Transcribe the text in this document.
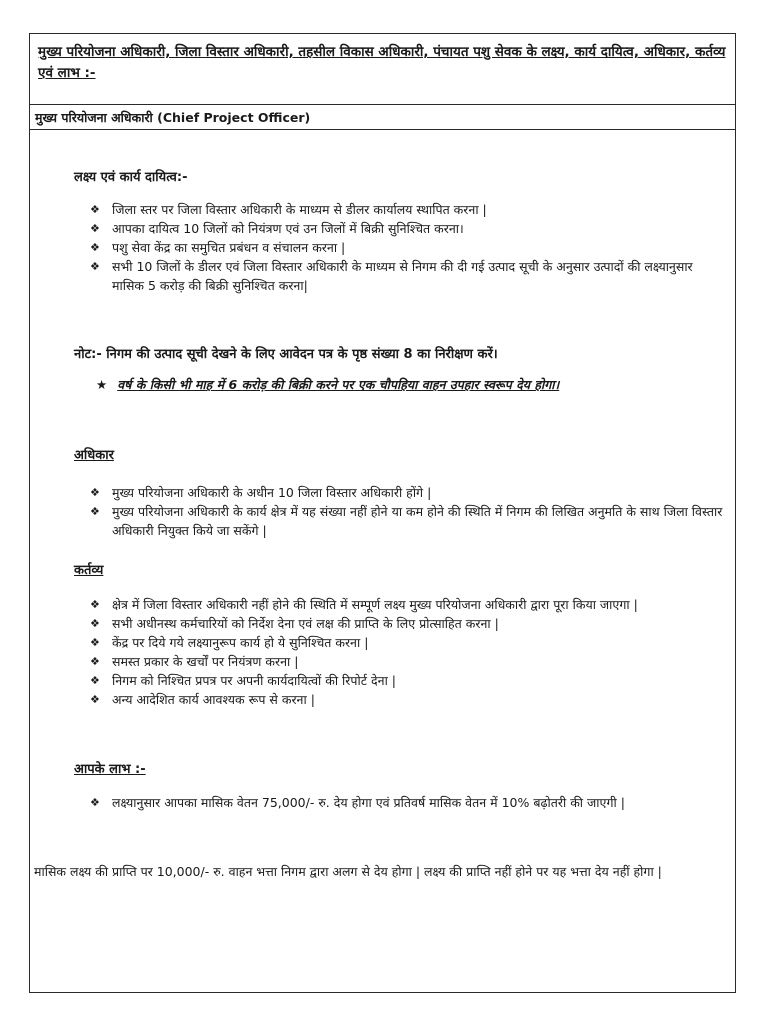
मुख्य परियोजना अधिकारी, जिला विस्तार अधिकारी, तहसील विकास अधिकारी, पंचायत पशु सेवक के लक्ष्य, कार्य दायित्व, अधिकार, कर्तव्य एवं लाभ :-
मुख्य परियोजना अधिकारी (Chief Project Officer)
लक्ष्य एवं कार्य दायित्व:-
❖ जिला स्तर पर जिला विस्तार अधिकारी के माध्यम से डीलर कार्यालय स्थापित करना |
❖ आपका दायित्व 10 जिलों को नियंत्रण एवं उन जिलों में बिक्री सुनिश्चित करना।
❖ पशु सेवा केंद्र का समुचित प्रबंधन व संचालन करना |
❖ सभी 10 जिलों के डीलर एवं जिला विस्तार अधिकारी के माध्यम से निगम की दी गई उत्पाद सूची के अनुसार उत्पादों की लक्ष्यानुसार मासिक 5 करोड़ की बिक्री सुनिश्चित करना|
नोट:- निगम की उत्पाद सूची देखने के लिए आवेदन पत्र के पृष्ठ संख्या 8 का निरीक्षण करें।
★ वर्ष के किसी भी माह में 6 करोड़ की बिक्री करने पर एक चौपहिया वाहन उपहार स्वरूप देय होगा।
अधिकार
❖ मुख्य परियोजना अधिकारी के अधीन 10 जिला विस्तार अधिकारी होंगे |
❖ मुख्य परियोजना अधिकारी के कार्य क्षेत्र में यह संख्या नहीं होने या कम होने की स्थिति में निगम की लिखित अनुमति के साथ जिला विस्तार अधिकारी नियुक्त किये जा सकेंगे |
कर्तव्य
❖ क्षेत्र में जिला विस्तार अधिकारी नहीं होने की स्थिति में सम्पूर्ण लक्ष्य मुख्य परियोजना अधिकारी द्वारा पूरा किया जाएगा |
❖ सभी अधीनस्थ कर्मचारियों को निर्देश देना एवं लक्ष की प्राप्ति के लिए प्रोत्साहित करना |
❖ केंद्र पर दिये गये लक्ष्यानुरूप कार्य हो ये सुनिश्चित करना |
❖ समस्त प्रकार के खर्चों पर नियंत्रण करना |
❖ निगम को निश्चित प्रपत्र पर अपनी कार्यदायित्वों की रिपोर्ट देना |
❖ अन्य आदेशित कार्य आवश्यक रूप से करना |
आपके लाभ :-
❖ लक्ष्यानुसार आपका मासिक वेतन 75,000/- रु. देय होगा एवं प्रतिवर्ष मासिक वेतन में 10% बढ़ोतरी की जाएगी |
मासिक लक्ष्य की प्राप्ति पर 10,000/- रु. वाहन भत्ता निगम द्वारा अलग से देय होगा | लक्ष्य की प्राप्ति नहीं होने पर यह भत्ता देय नहीं होगा |
